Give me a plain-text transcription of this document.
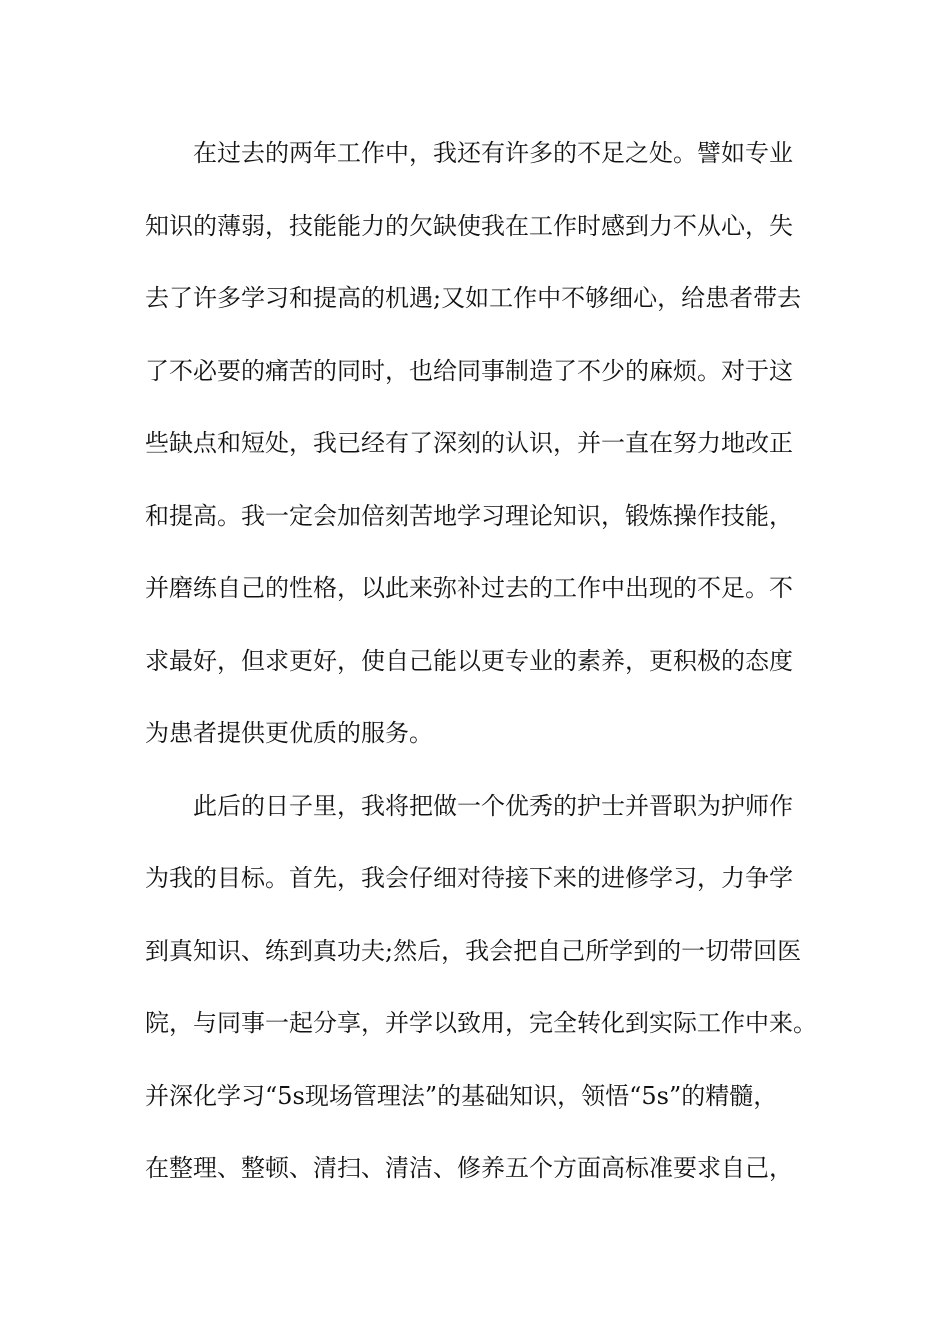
在过去的两年工作中，我还有许多的不足之处。譬如专业
知识的薄弱，技能能力的欠缺使我在工作时感到力不从心，失
去了许多学习和提高的机遇;又如工作中不够细心，给患者带去
了不必要的痛苦的同时，也给同事制造了不少的麻烦。对于这
些缺点和短处，我已经有了深刻的认识，并一直在努力地改正
和提高。我一定会加倍刻苦地学习理论知识，锻炼操作技能，
并磨练自己的性格，以此来弥补过去的工作中出现的不足。不
求最好，但求更好，使自己能以更专业的素养，更积极的态度
为患者提供更优质的服务。
此后的日子里，我将把做一个优秀的护士并晋职为护师作
为我的目标。首先，我会仔细对待接下来的进修学习，力争学
到真知识、练到真功夫;然后，我会把自己所学到的一切带回医
院，与同事一起分享，并学以致用，完全转化到实际工作中来。
并深化学习“5s现场管理法”的基础知识，领悟“5s”的精髓，
在整理、整顿、清扫、清洁、修养五个方面高标准要求自己，
